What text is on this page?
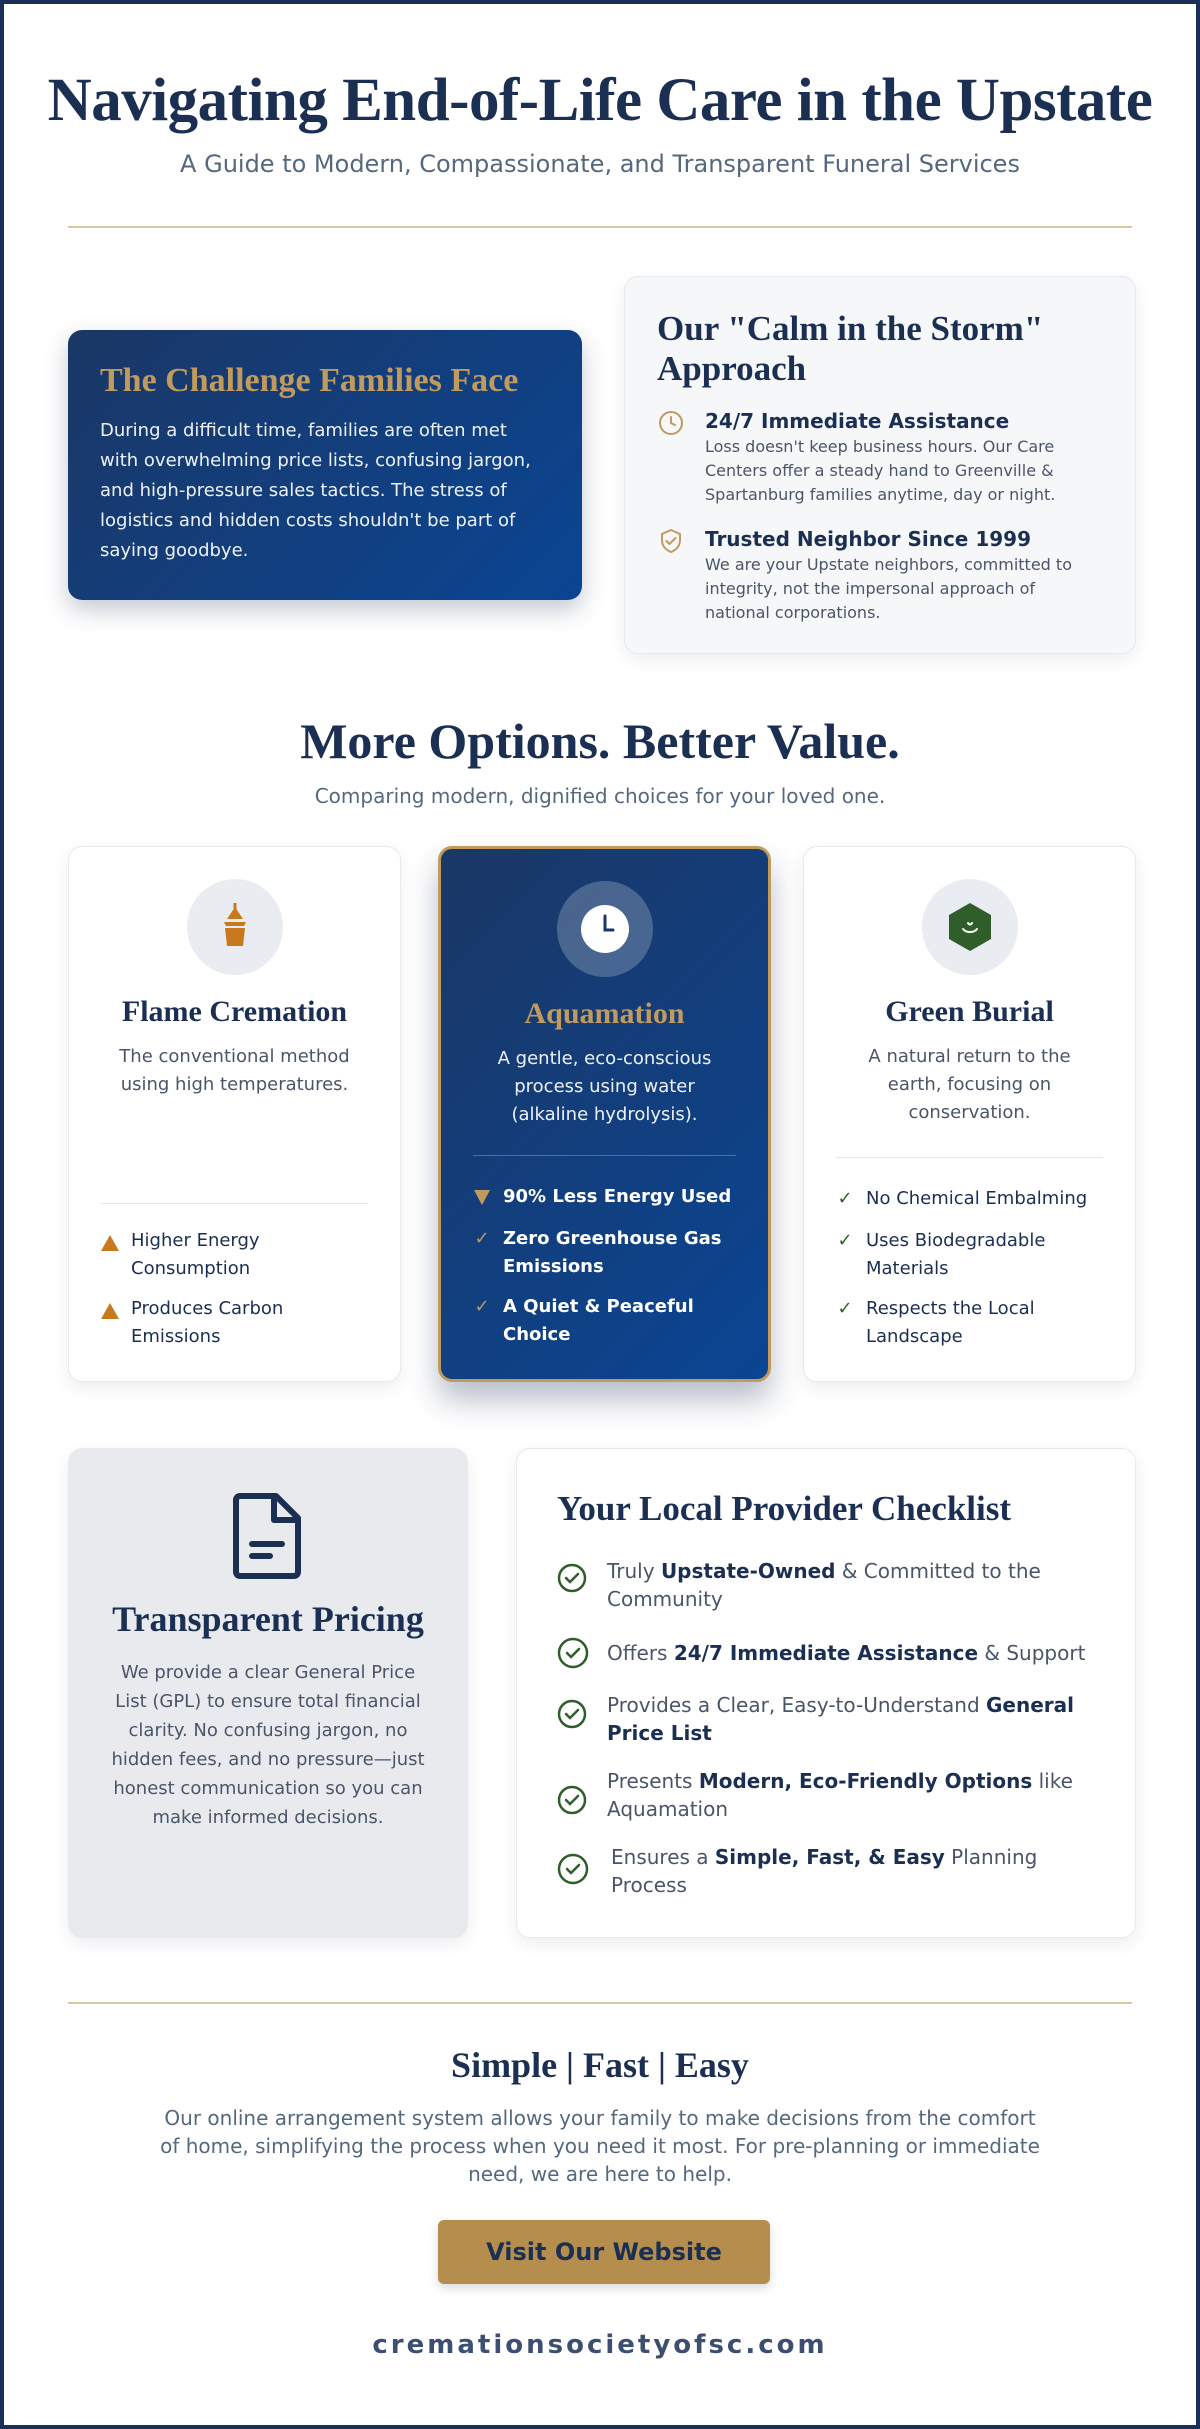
Navigating End-of-Life Care in the Upstate

A Guide to Modern, Compassionate, and Transparent Funeral Services

The Challenge Families Face

During a difficult time, families are often met with overwhelming price lists, confusing jargon, and high-pressure sales tactics. The stress of logistics and hidden costs shouldn't be part of saying goodbye.

Our "Calm in the Storm" Approach
24/7 Immediate Assistance

Loss doesn't keep business hours. Our Care Centers offer a steady hand to Greenville & Spartanburg families anytime, day or night.

Trusted Neighbor Since 1999

We are your Upstate neighbors, committed to integrity, not the impersonal approach of national corporations.

More Options. Better Value.

Comparing modern, dignified choices for your loved one.

Flame Cremation

The conventional method using high temperatures.

Higher Energy Consumption
Produces Carbon Emissions
Aquamation

A gentle, eco-conscious process using water (alkaline hydrolysis).

90% Less Energy Used
✓ Zero Greenhouse Gas Emissions
✓ A Quiet & Peaceful Choice
Green Burial

A natural return to the earth, focusing on conservation.

✓ No Chemical Embalming
✓ Uses Biodegradable Materials
✓ Respects the Local Landscape
Transparent Pricing

We provide a clear General Price List (GPL) to ensure total financial clarity. No confusing jargon, no hidden fees, and no pressure—just honest communication so you can make informed decisions.

Your Local Provider Checklist
Truly Upstate-Owned & Committed to the Community
Offers 24/7 Immediate Assistance & Support
Provides a Clear, Easy-to-Understand General Price List
Presents Modern, Eco-Friendly Options like Aquamation
Ensures a Simple, Fast, & Easy Planning Process
Simple | Fast | Easy

Our online arrangement system allows your family to make decisions from the comfort of home, simplifying the process when you need it most. For pre-planning or immediate need, we are here to help.

Visit Our Website
cremationsocietyofsc.com
